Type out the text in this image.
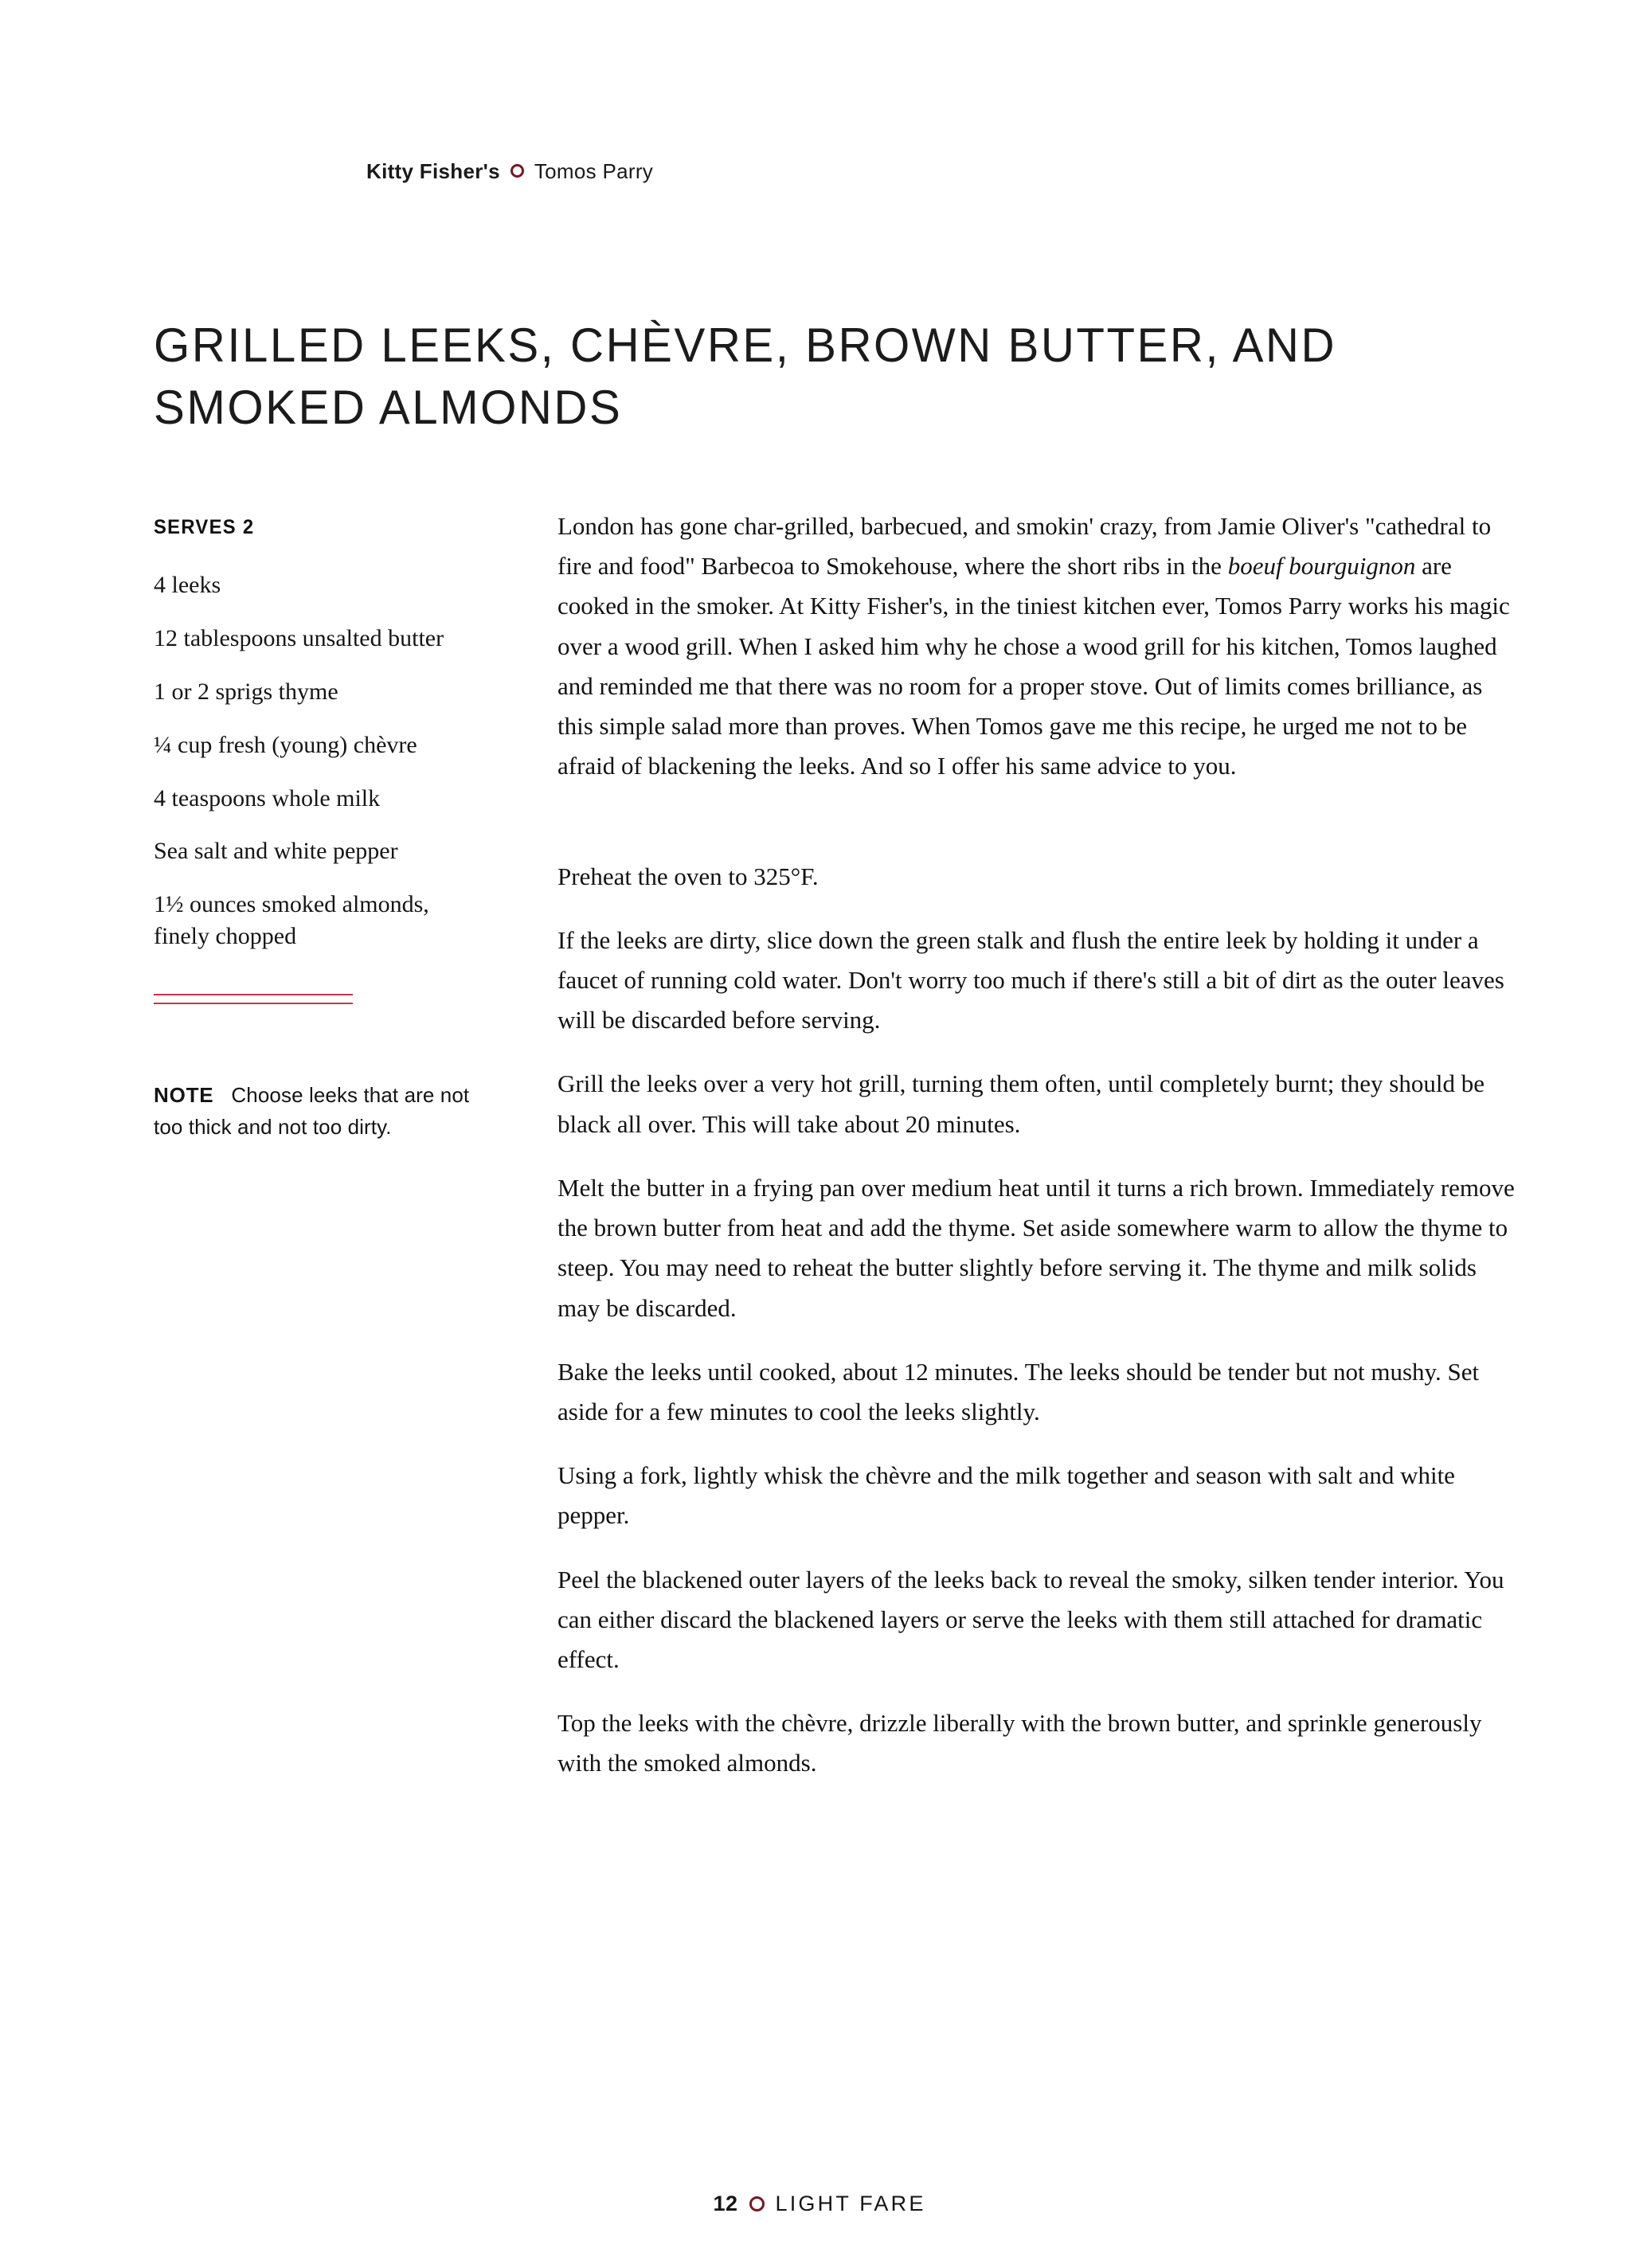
Kitty Fisher's Tomos Parry
GRILLED LEEKS, CHÈVRE, BROWN BUTTER, AND SMOKED ALMONDS
SERVES 2
4 leeks
12 tablespoons unsalted butter
1 or 2 sprigs thyme
¼ cup fresh (young) chèvre
4 teaspoons whole milk
Sea salt and white pepper
1½ ounces smoked almonds, finely chopped
NOTE Choose leeks that are not too thick and not too dirty.

London has gone char-grilled, barbecued, and smokin' crazy, from Jamie Oliver's "cathedral to fire and food" Barbecoa to Smokehouse, where the short ribs in the boeuf bourguignon are cooked in the smoker. At Kitty Fisher's, in the tiniest kitchen ever, Tomos Parry works his magic over a wood grill. When I asked him why he chose a wood grill for his kitchen, Tomos laughed and reminded me that there was no room for a proper stove. Out of limits comes brilliance, as this simple salad more than proves. When Tomos gave me this recipe, he urged me not to be afraid of blackening the leeks. And so I offer his same advice to you.

Preheat the oven to 325°F.

If the leeks are dirty, slice down the green stalk and flush the entire leek by holding it under a faucet of running cold water. Don't worry too much if there's still a bit of dirt as the outer leaves will be discarded before serving.

Grill the leeks over a very hot grill, turning them often, until completely burnt; they should be black all over. This will take about 20 minutes.

Melt the butter in a frying pan over medium heat until it turns a rich brown. Immediately remove the brown butter from heat and add the thyme. Set aside somewhere warm to allow the thyme to steep. You may need to reheat the butter slightly before serving it. The thyme and milk solids may be discarded.

Bake the leeks until cooked, about 12 minutes. The leeks should be tender but not mushy. Set aside for a few minutes to cool the leeks slightly.

Using a fork, lightly whisk the chèvre and the milk together and season with salt and white pepper.

Peel the blackened outer layers of the leeks back to reveal the smoky, silken tender interior. You can either discard the blackened layers or serve the leeks with them still attached for dramatic effect.

Top the leeks with the chèvre, drizzle liberally with the brown butter, and sprinkle generously with the smoked almonds.

12 LIGHT FARE
